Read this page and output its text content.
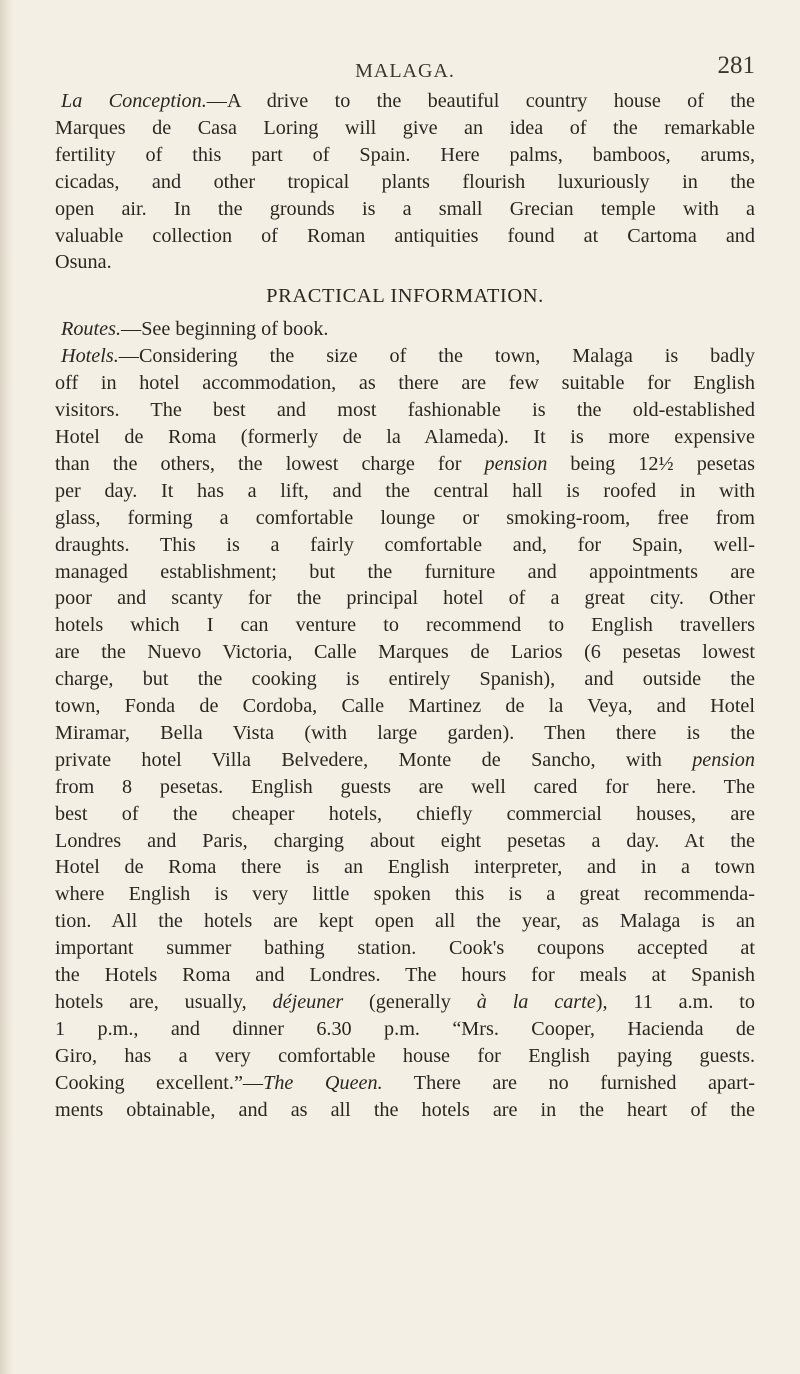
MALAGA.	281
La Conception.—A drive to the beautiful country house of the
Marques de Casa Loring will give an idea of the remarkable
fertility of this part of Spain. Here palms, bamboos, arums,
cicadas, and other tropical plants flourish luxuriously in the
open air. In the grounds is a small Grecian temple with a
valuable collection of Roman antiquities found at Cartoma and
Osuna.
PRACTICAL INFORMATION.
Routes.—See beginning of book.
Hotels.—Considering the size of the town, Malaga is badly
off in hotel accommodation, as there are few suitable for English
visitors. The best and most fashionable is the old-established
Hotel de Roma (formerly de la Alameda). It is more expensive
than the others, the lowest charge for pension being 12½ pesetas
per day. It has a lift, and the central hall is roofed in with
glass, forming a comfortable lounge or smoking-room, free from
draughts. This is a fairly comfortable and, for Spain, well-
managed establishment; but the furniture and appointments are
poor and scanty for the principal hotel of a great city. Other
hotels which I can venture to recommend to English travellers
are the Nuevo Victoria, Calle Marques de Larios (6 pesetas lowest
charge, but the cooking is entirely Spanish), and outside the
town, Fonda de Cordoba, Calle Martinez de la Veya, and Hotel
Miramar, Bella Vista (with large garden). Then there is the
private hotel Villa Belvedere, Monte de Sancho, with pension
from 8 pesetas. English guests are well cared for here. The
best of the cheaper hotels, chiefly commercial houses, are
Londres and Paris, charging about eight pesetas a day. At the
Hotel de Roma there is an English interpreter, and in a town
where English is very little spoken this is a great recommenda-
tion. All the hotels are kept open all the year, as Malaga is an
important summer bathing station. Cook's coupons accepted at
the Hotels Roma and Londres. The hours for meals at Spanish
hotels are, usually, déjeuner (generally à la carte), 11 a.m. to
1 p.m., and dinner 6.30 p.m. “Mrs. Cooper, Hacienda de
Giro, has a very comfortable house for English paying guests.
Cooking excellent.”—The Queen. There are no furnished apart-
ments obtainable, and as all the hotels are in the heart of the
